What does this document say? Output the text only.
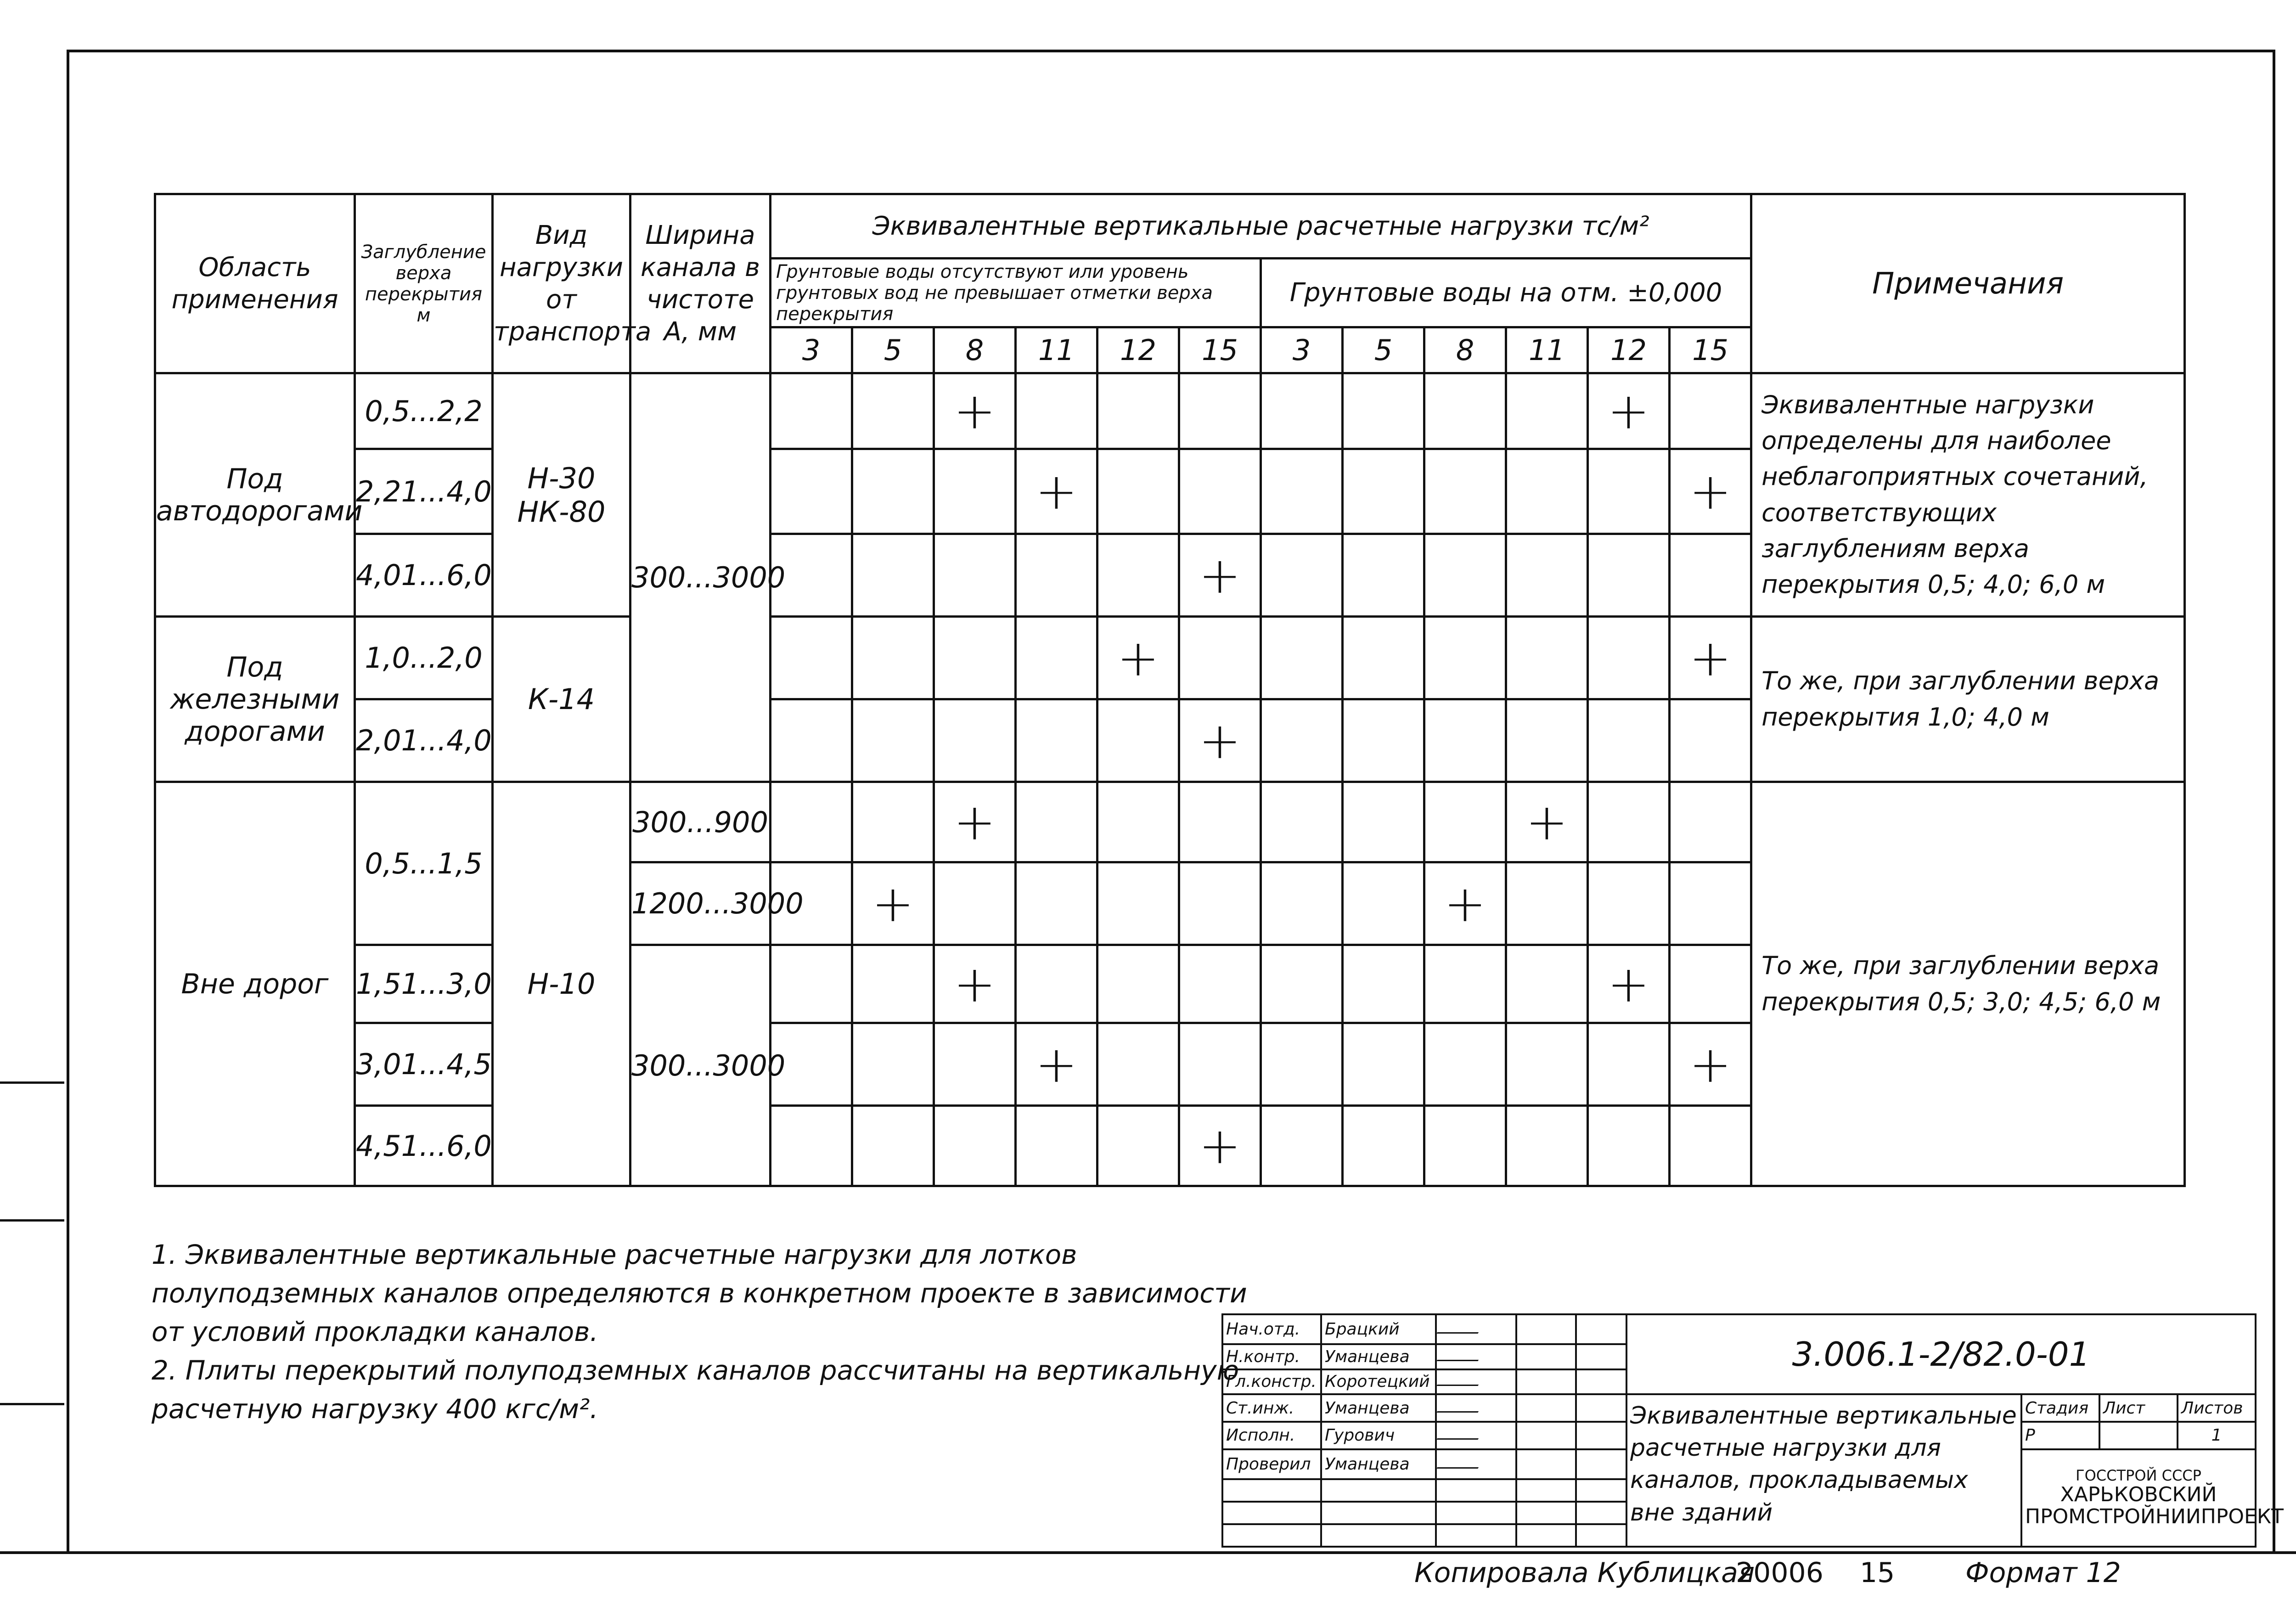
Область применения	Заглубление верха перекрытия м	Вид нагрузки от транспорта	Ширина канала в чистоте А, мм	Эквивалентные вертикальные расчетные нагрузки тс/м²												Примечания
				Грунтовые воды отсутствуют или уровень грунтовых вод не превышает отметки верха перекрытия						Грунтовые воды на отм. ±0,000						
				3	5	8	11	12	15	3	5	8	11	12	15	
Под автодорогами	0,5...2,2	Н-30 НК-80	300...3000			+								+		Эквивалентные нагрузки определены для наиболее неблагоприятных сочетаний, соответствующих заглублениям верха перекрытия 0,5; 4,0; 6,0 м
	2,21...4,0						+								+	
	4,01...6,0								+							
Под железными дорогами	1,0...2,0	К-14						+							+	То же, при заглублении верха перекрытия 1,0; 4,0 м
	2,01...4,0								+							
Вне дорог	0,5...1,5	Н-10	300...900			+							+			То же, при заглублении верха перекрытия 0,5; 3,0; 4,5; 6,0 м
			1200...3000		+							+				
	1,51...3,0		300...3000			+								+		
	3,01...4,5						+								+	
	4,51...6,0								+							

1. Эквивалентные вертикальные расчетные нагрузки для лотков полуподземных каналов определяются в конкретном проекте в зависимости от условий прокладки каналов.

2. Плиты перекрытий полуподземных каналов рассчитаны на вертикальную расчетную нагрузку 400 кгс/м².

Нач.отд.	Брацкий				3.006.1-2/82.0-01			
Н.контр.	Уманцева							
Гл.констр.	Коротецкий							
Ст.инж.	Уманцева				Эквивалентные вертикальные расчетные нагрузки для каналов, прокладываемых вне зданий	Стадия	Лист	Листов
Исполн.	Гурович					Р		1
Проверил	Уманцева					ГОССТРОЙ СССР
ХАРЬКОВСКИЙ ПРОМСТРОЙНИИПРОЕКТ		

Копировала Кублицкая
20006 15	Формат 12
